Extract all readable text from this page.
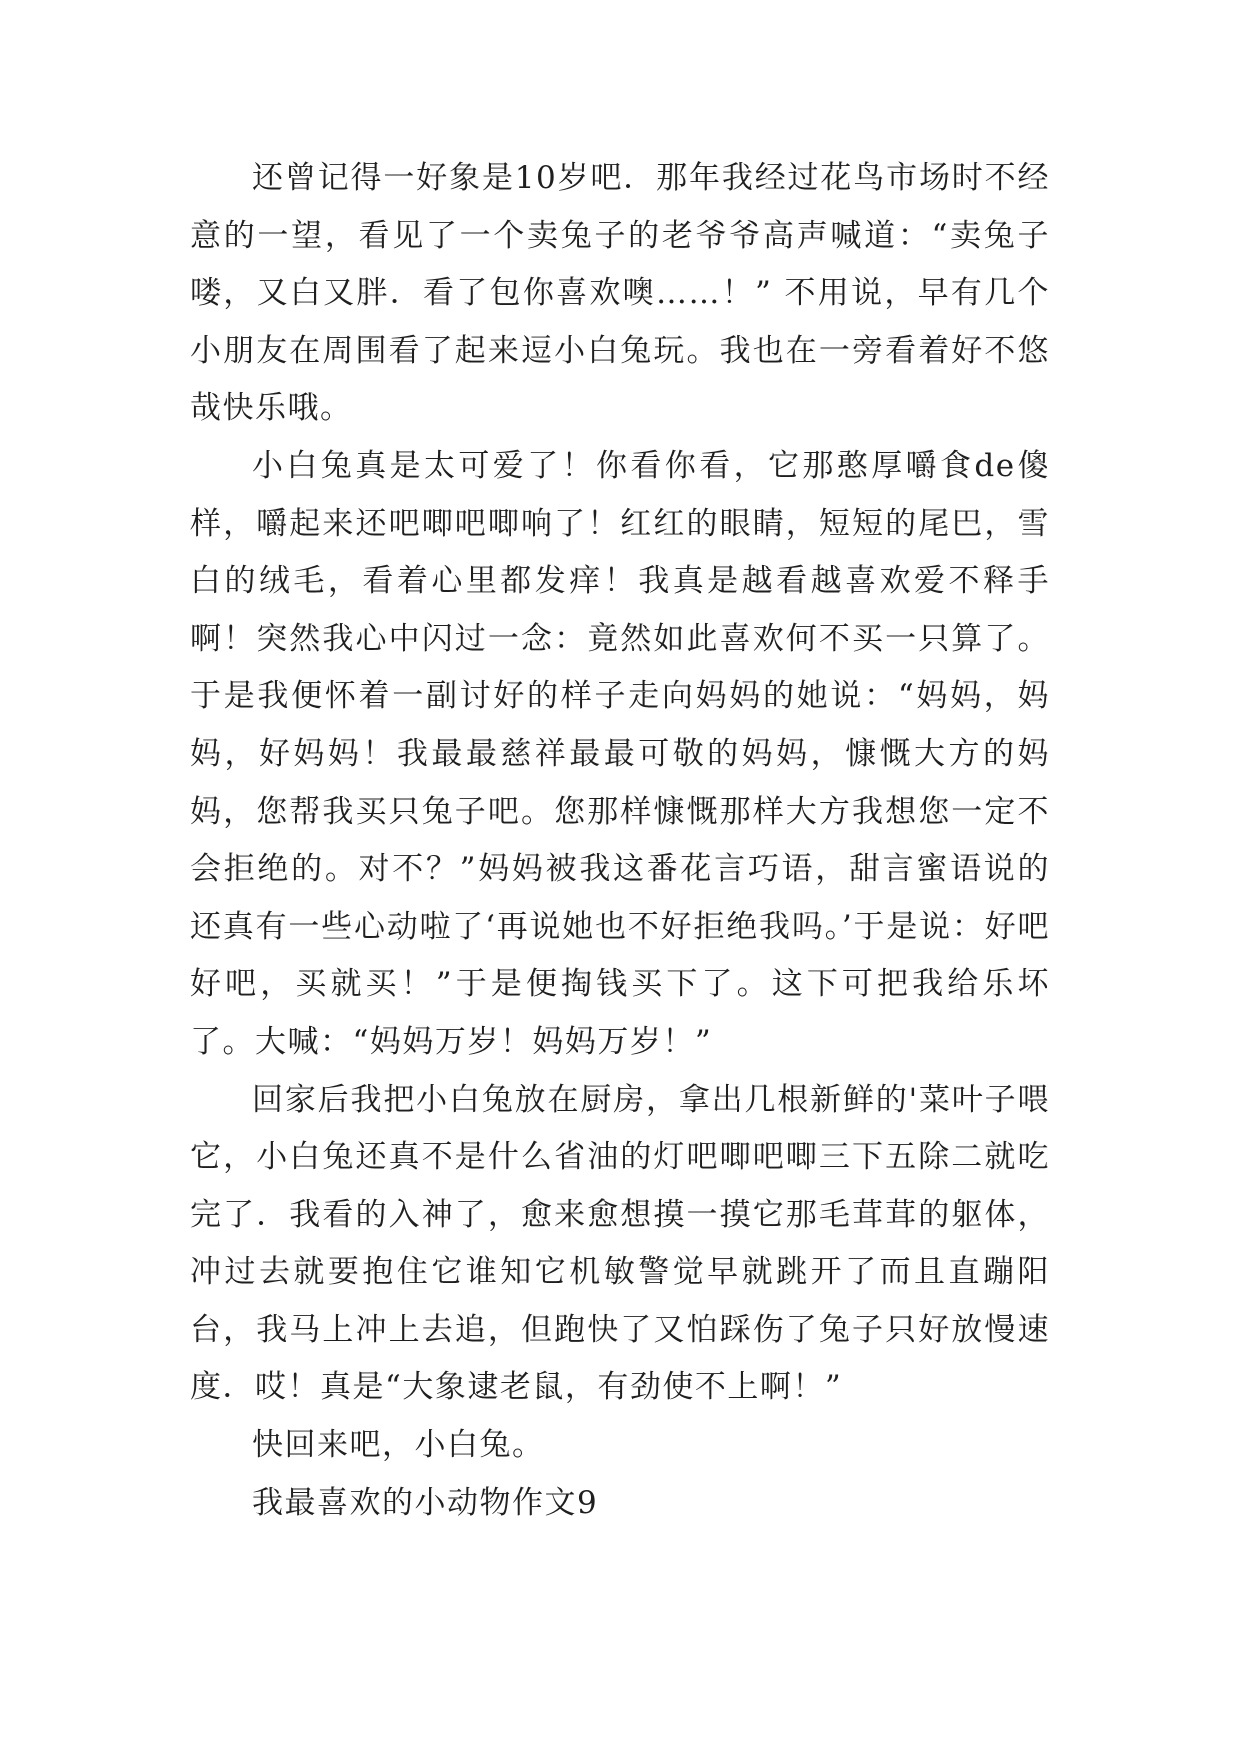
还曾记得一好象是10岁吧．那年我经过花鸟市场时不经意的一望，看见了一个卖兔子的老爷爷高声喊道：“卖兔子喽，又白又胖．看了包你喜欢噢……！” 不用说，早有几个小朋友在周围看了起来逗小白兔玩。我也在一旁看着好不悠哉快乐哦。

小白兔真是太可爱了！你看你看，它那憨厚嚼食de傻样，嚼起来还吧唧吧唧响了！红红的眼睛，短短的尾巴，雪白的绒毛，看着心里都发痒！我真是越看越喜欢爱不释手啊！突然我心中闪过一念：竟然如此喜欢何不买一只算了。于是我便怀着一副讨好的样子走向妈妈的她说：“妈妈，妈妈，好妈妈！我最最慈祥最最可敬的妈妈，慷慨大方的妈妈，您帮我买只兔子吧。您那样慷慨那样大方我想您一定不会拒绝的。对不？”妈妈被我这番花言巧语，甜言蜜语说的还真有一些心动啦了‘再说她也不好拒绝我吗。’于是说：好吧好吧，买就买！”于是便掏钱买下了。这下可把我给乐坏了。大喊：“妈妈万岁！妈妈万岁！”

回家后我把小白兔放在厨房，拿出几根新鲜的'菜叶子喂它，小白兔还真不是什么省油的灯吧唧吧唧三下五除二就吃完了．我看的入神了，愈来愈想摸一摸它那毛茸茸的躯体，冲过去就要抱住它谁知它机敏警觉早就跳开了而且直蹦阳台，我马上冲上去追，但跑快了又怕踩伤了兔子只好放慢速度．哎！真是“大象逮老鼠，有劲使不上啊！”

快回来吧，小白兔。

我最喜欢的小动物作文9
